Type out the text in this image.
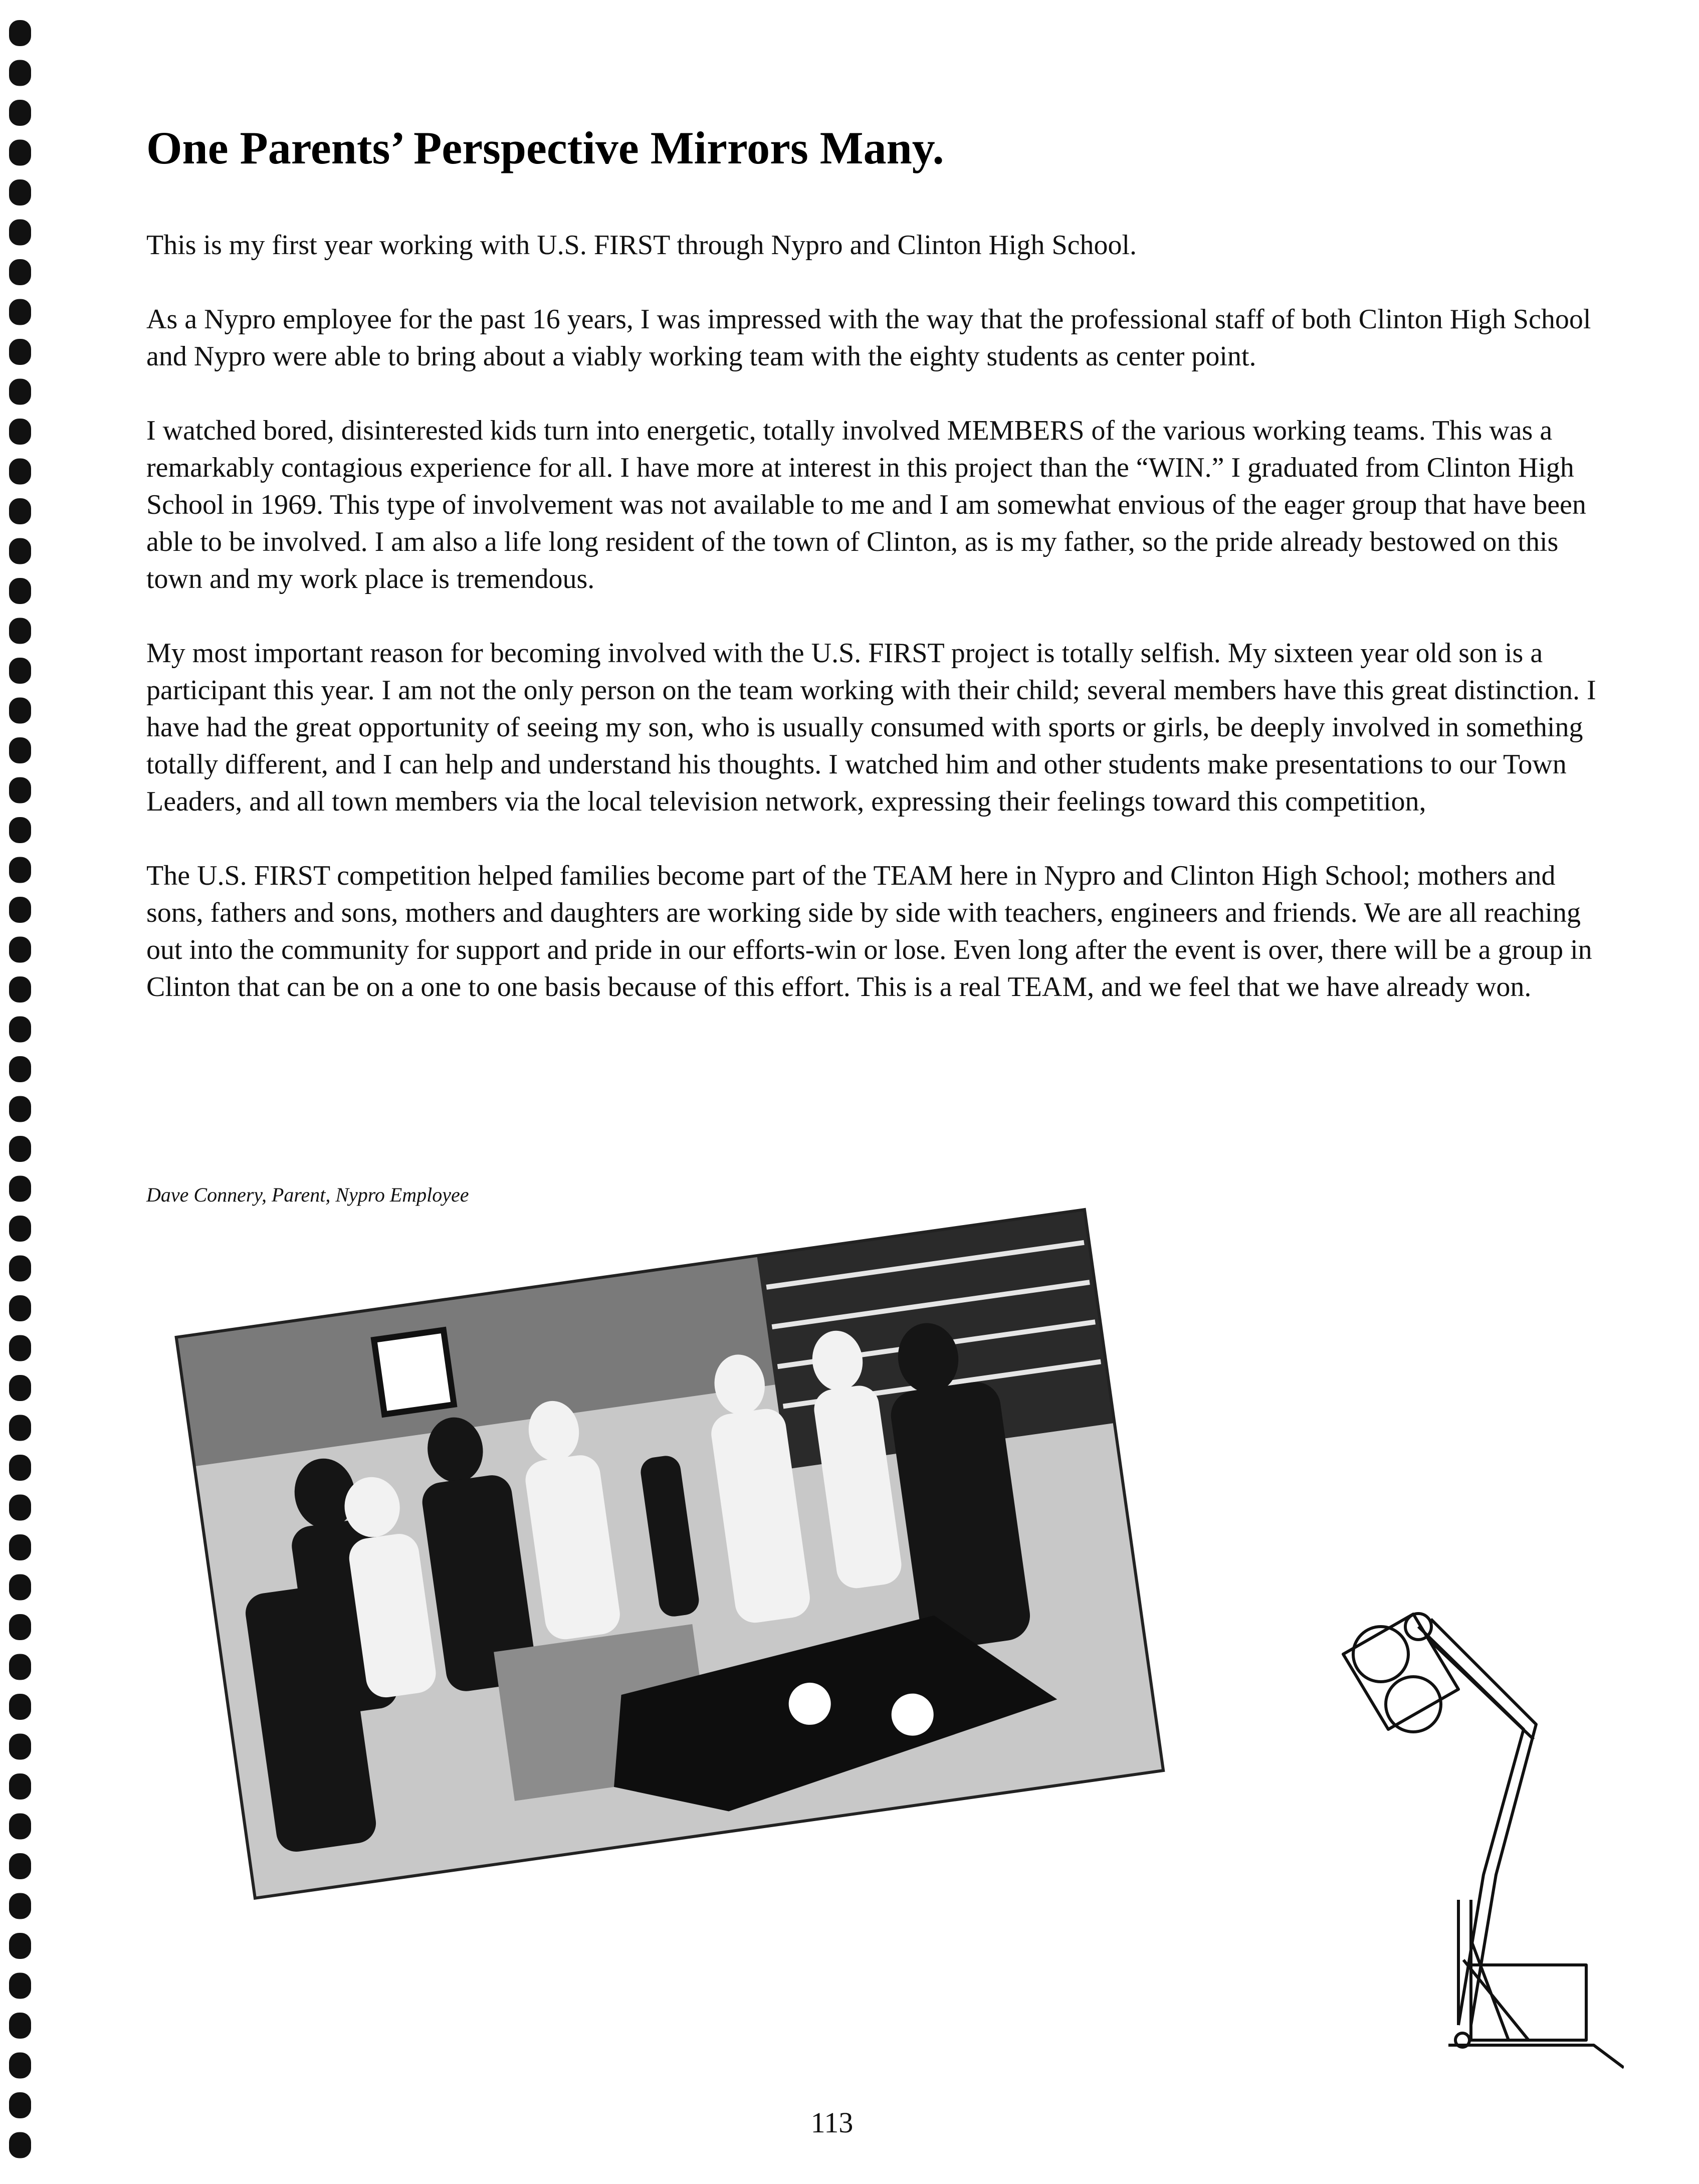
One Parents’ Perspective Mirrors Many.

This is my first year working with U.S. FIRST through Nypro and Clinton High School.

As a Nypro employee for the past 16 years, I was impressed with the way that the professional staff of both Clinton High School and Nypro were able to bring about a viably working team with the eighty students as center point.

I watched bored, disinterested kids turn into energetic, totally involved MEMBERS of the various working teams. This was a remarkably contagious experience for all. I have more at interest in this project than the “WIN.” I graduated from Clinton High School in 1969. This type of involvement was not available to me and I am somewhat envious of the eager group that have been able to be involved. I am also a life long resident of the town of Clinton, as is my father, so the pride already bestowed on this town and my work place is tremendous.

My most important reason for becoming involved with the U.S. FIRST project is totally selfish. My sixteen year old son is a participant this year. I am not the only person on the team working with their child; several members have this great distinction. I have had the great opportunity of seeing my son, who is usually consumed with sports or girls, be deeply involved in something totally different, and I can help and understand his thoughts. I watched him and other students make presentations to our Town Leaders, and all town members via the local television network, expressing their feelings toward this competition,

The U.S. FIRST competition helped families become part of the TEAM here in Nypro and Clinton High School; mothers and sons, fathers and sons, mothers and daughters are working side by side with teachers, engineers and friends. We are all reaching out into the community for support and pride in our efforts-win or lose. Even long after the event is over, there will be a group in Clinton that can be on a one to one basis because of this effort. This is a real TEAM, and we feel that we have already won.

Dave Connery, Parent, Nypro Employee
113
